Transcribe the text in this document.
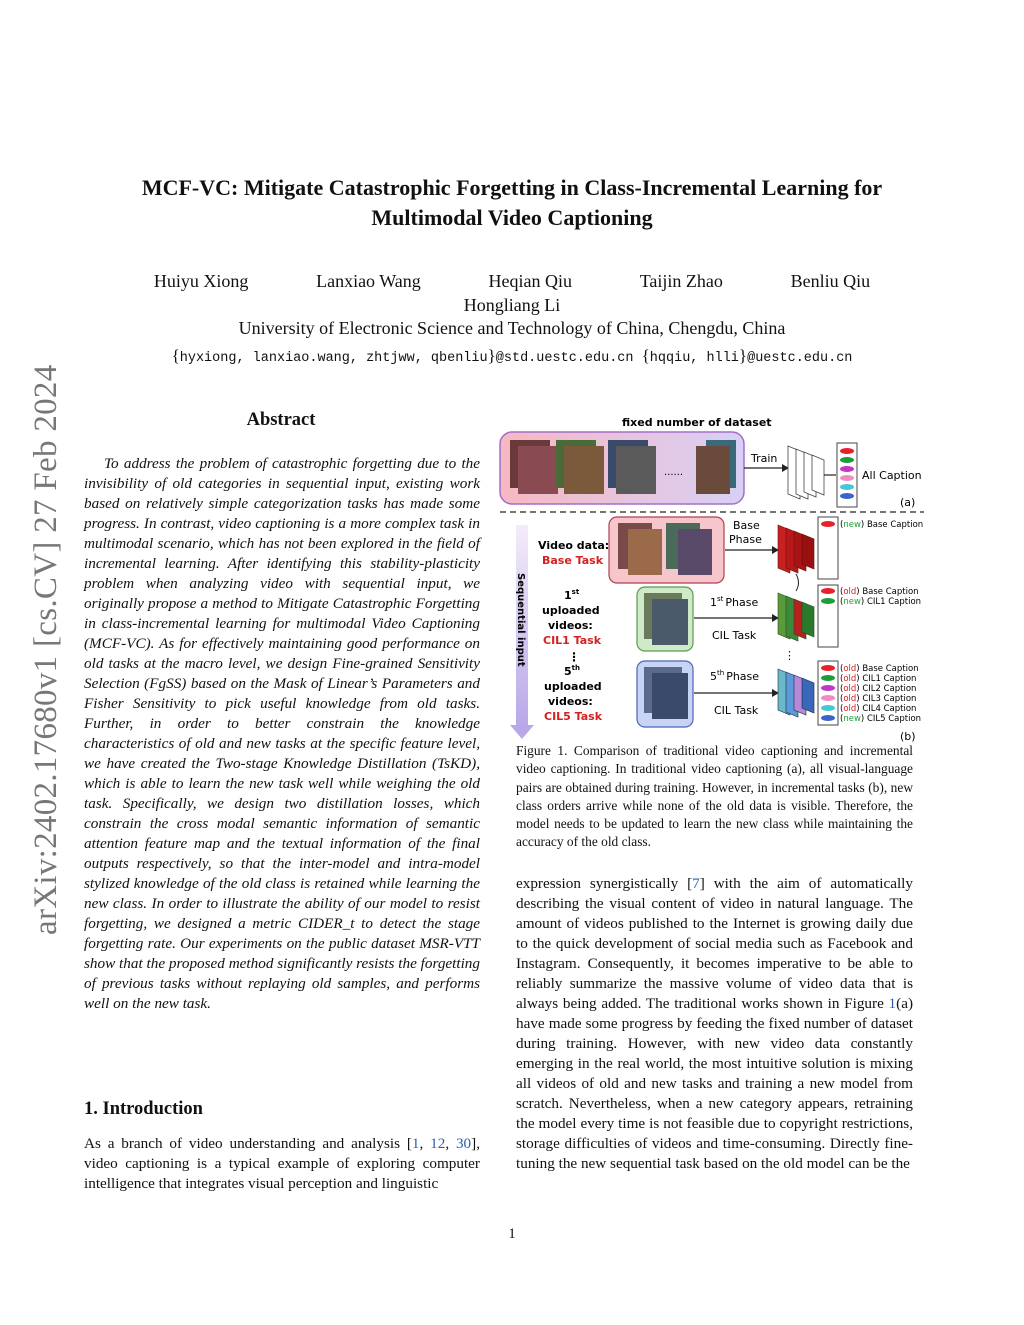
MCF-VC: Mitigate Catastrophic Forgetting in Class-Incremental Learning for
Multimodal Video Captioning
Huiyu Xiong	Lanxiao Wang	Heqian Qiu	Taijin Zhao	Benliu Qiu
Hongliang Li
University of Electronic Science and Technology of China, Chengdu, China
{hyxiong, lanxiao.wang, zhtjww, qbenliu}@std.uestc.edu.cn {hqqiu, hlli}@uestc.edu.cn
arXiv:2402.17680v1 [cs.CV] 27 Feb 2024	Abstract

To address the problem of catastrophic forgetting due to the invisibility of old categories in sequential input, existing work based on relatively simple categorization tasks has made some progress. In contrast, video captioning is a more complex task in multimodal scenario, which has not been explored in the field of incremental learning. After identifying this stability-plasticity problem when analyzing video with sequential input, we originally propose a method to Mitigate Catastrophic Forgetting in class-incremental learning for multimodal Video Captioning (MCF-VC). As for effectively maintaining good performance on old tasks at the macro level, we design Fine-grained Sensitivity Selection (FgSS) based on the Mask of Linear’s Parameters and Fisher Sensitivity to pick useful knowledge from old tasks. Further, in order to better constrain the knowledge characteristics of old and new tasks at the specific feature level, we have created the Two-stage Knowledge Distillation (TsKD), which is able to learn the new task well while weighing the old task. Specifically, we design two distillation losses, which constrain the cross modal semantic information of semantic attention feature map and the textual information of the final outputs respectively, so that the inter-model and intra-model stylized knowledge of the old class is retained while learning the new class. In order to illustrate the ability of our model to resist forgetting, we designed a metric CIDER_t to detect the stage forgetting rate. Our experiments on the public dataset MSR-VTT show that the proposed method significantly resists the forgetting of previous tasks without replaying old samples, and performs well on the new task.

1. Introduction

As a branch of video understanding and analysis [1, 12, 30], video captioning is a typical example of exploring computer intelligence that integrates visual perception and linguistic

fixed number of dataset
......
Train
All Caption
(a)
Sequential input
Video data:
Base Task
1st
uploaded
videos:
CIL1 Task
⋮
5th
uploaded
videos:
CIL5 Task
Base
Phase
1st Phase
CIL Task
5th Phase
CIL Task
⋮
(new) Base Caption
(old) Base Caption
(new) CIL1 Caption
(old) Base Caption
(old) CIL1 Caption
(old) CIL2 Caption
(old) CIL3 Caption
(old) CIL4 Caption
(new) CIL5 Caption
(b)
Figure 1. Comparison of traditional video captioning and incremental video captioning. In traditional video captioning (a), all visual-language pairs are obtained during training. However, in incremental tasks (b), new class orders arrive while none of the old data is visible. Therefore, the model needs to be updated to learn the new class while maintaining the accuracy of the old class.

expression synergistically [7] with the aim of automatically describing the visual content of video in natural language. The amount of videos published to the Internet is growing daily due to the quick development of social media such as Facebook and Instagram. Consequently, it becomes imperative to be able to reliably summarize the massive volume of video data that is always being added. The traditional works shown in Figure 1(a) have made some progress by feeding the fixed number of dataset during training. However, with new video data constantly emerging in the real world, the most intuitive solution is mixing all videos of old and new tasks and training a new model from scratch. Nevertheless, when a new category appears, retraining the model every time is not feasible due to copyright restrictions, storage difficulties of videos and time-consuming. Directly fine-tuning the new sequential task based on the old model can be the

1
